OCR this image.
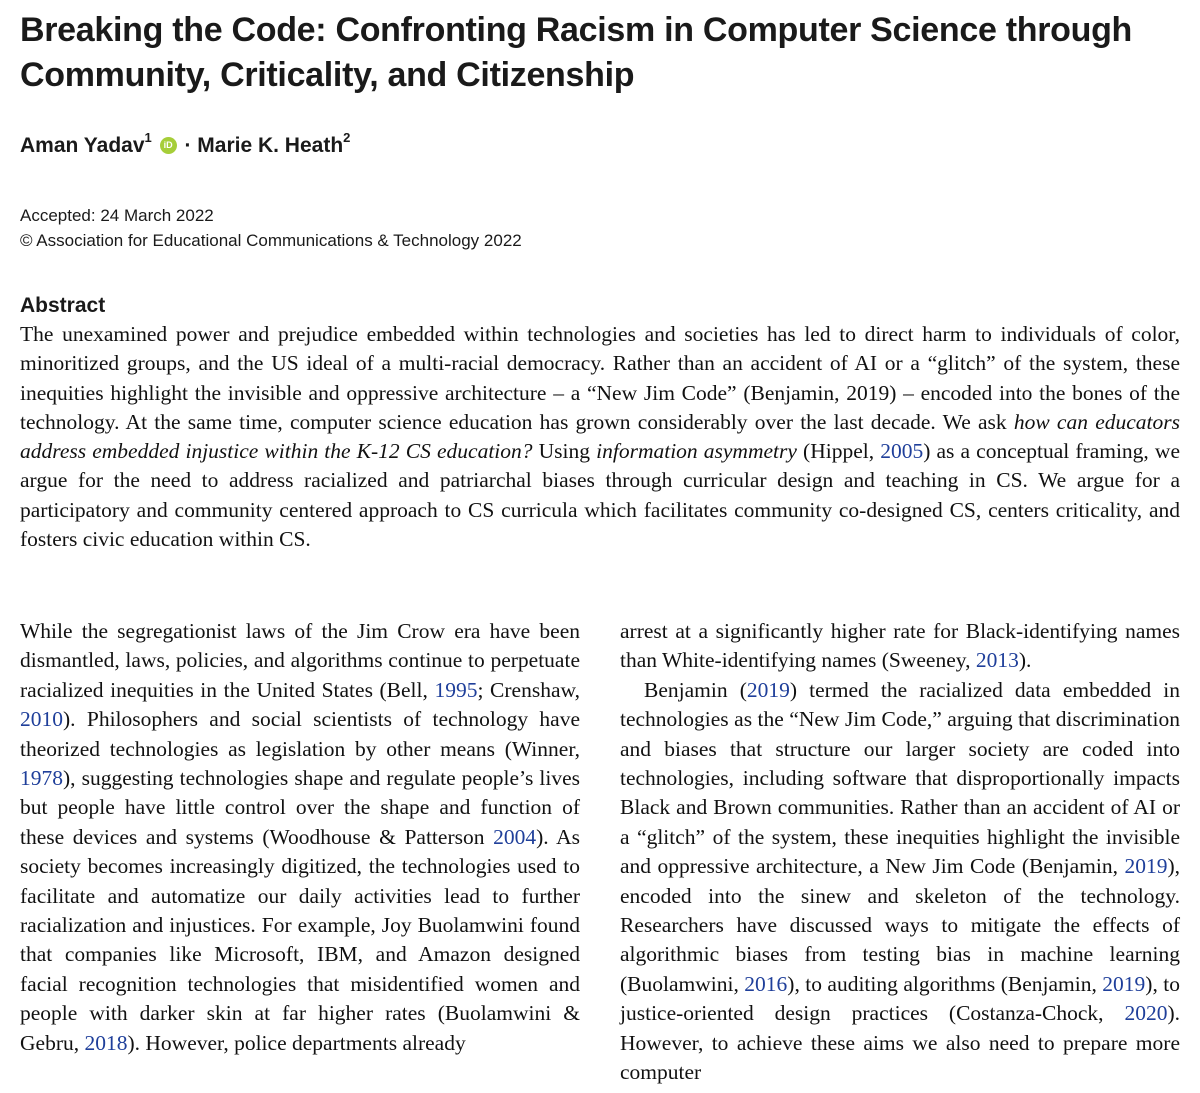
Breaking the Code: Confronting Racism in Computer Science through Community, Criticality, and Citizenship
Aman Yadav$^1$ iD · Marie K. Heath$^2$
Accepted: 24 March 2022
© Association for Educational Communications & Technology 2022
Abstract

The unexamined power and prejudice embedded within technologies and societies has led to direct harm to individuals of color, minoritized groups, and the US ideal of a multi-racial democracy. Rather than an accident of AI or a “glitch” of the system, these inequities highlight the invisible and oppressive architecture – a “New Jim Code” (Benjamin, 2019) – encoded into the bones of the technology. At the same time, computer science education has grown considerably over the last decade. We ask how can educators address embedded injustice within the K-12 CS education? Using information asymmetry (Hippel, 2005) as a conceptual framing, we argue for the need to address racialized and patriarchal biases through curricular design and teaching in CS. We argue for a participatory and community centered approach to CS curricula which facilitates community co-designed CS, centers criticality, and fosters civic education within CS.

While the segregationist laws of the Jim Crow era have been dismantled, laws, policies, and algorithms continue to perpetuate racialized inequities in the United States (Bell, 1995; Crenshaw, 2010). Philosophers and social scientists of technology have theorized technologies as legislation by other means (Winner, 1978), suggesting technologies shape and regulate people’s lives but people have little control over the shape and function of these devices and systems (Woodhouse & Patterson 2004). As society becomes increasingly digitized, the technologies used to facilitate and automatize our daily activities lead to further racialization and injustices. For example, Joy Buolamwini found that companies like Microsoft, IBM, and Amazon designed facial recognition technologies that misidentified women and people with darker skin at far higher rates (Buolamwini & Gebru, 2018). However, police departments already

arrest at a significantly higher rate for Black-identifying names than White-identifying names (Sweeney, 2013).

Benjamin (2019) termed the racialized data embedded in technologies as the “New Jim Code,” arguing that discrimination and biases that structure our larger society are coded into technologies, including software that disproportionally impacts Black and Brown communities. Rather than an accident of AI or a “glitch” of the system, these inequities highlight the invisible and oppressive architecture, a New Jim Code (Benjamin, 2019), encoded into the sinew and skeleton of the technology. Researchers have discussed ways to mitigate the effects of algorithmic biases from testing bias in machine learning (Buolamwini, 2016), to auditing algorithms (Benjamin, 2019), to justice-oriented design practices (Costanza-Chock, 2020). However, to achieve these aims we also need to prepare more computer
